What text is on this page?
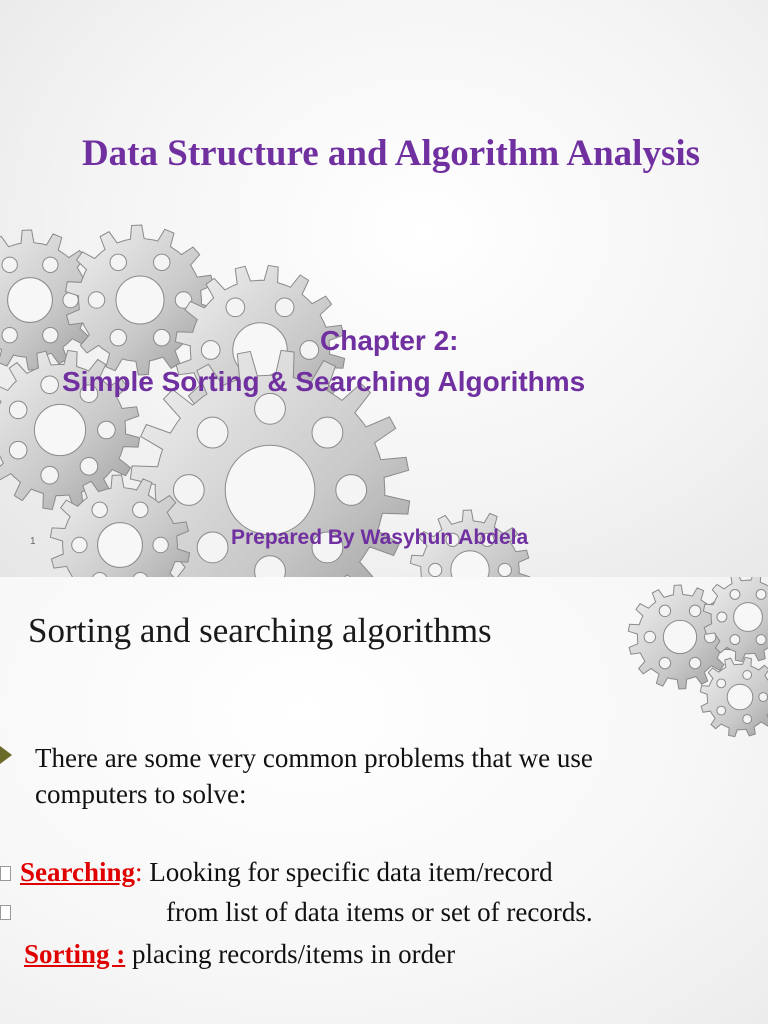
Data Structure and Algorithm Analysis
Chapter 2:
Simple Sorting & Searching Algorithms
1	Prepared By Wasyhun Abdela
Sorting and searching algorithms
There are some very common problems that we use computers to solve:
Searching: Looking for specific data item/record
from list of data items or set of records.
Sorting : placing records/items in order
